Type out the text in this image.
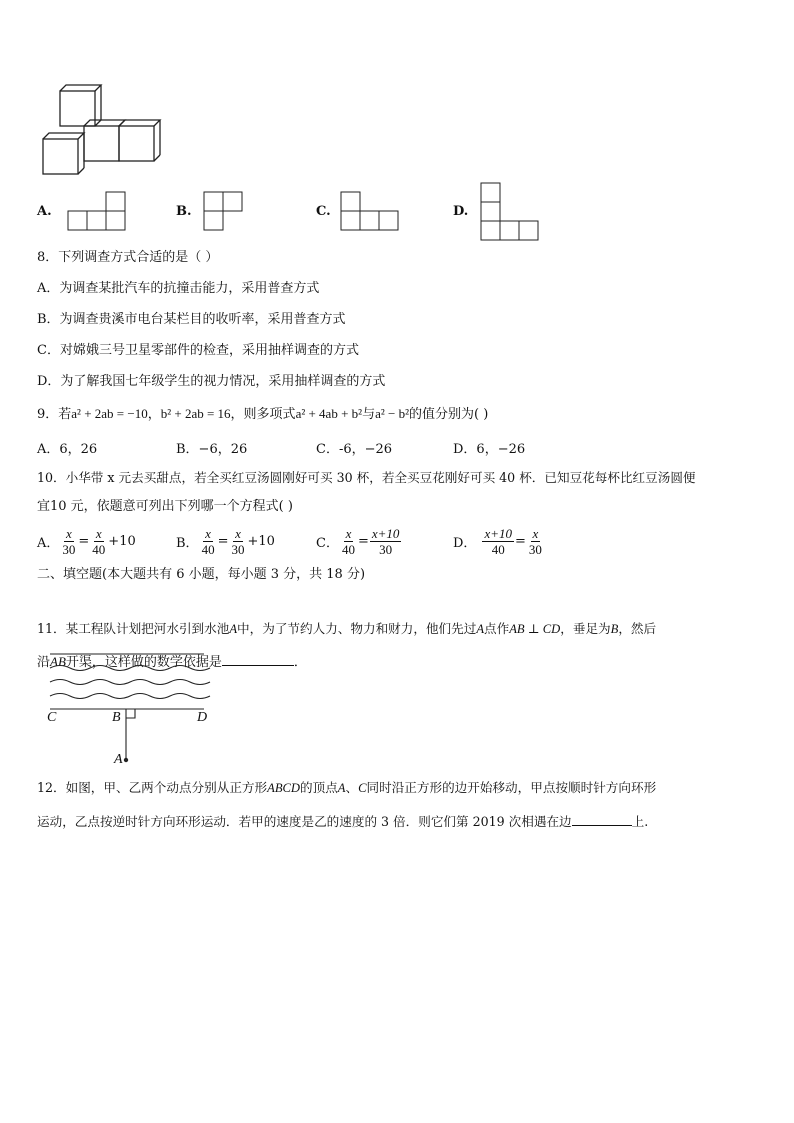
A.	B.	C.	D.
8．下列调查方式合适的是（ ）
A．为调查某批汽车的抗撞击能力，采用普查方式
B．为调查贵溪市电台某栏目的收听率，采用普查方式
C．对嫦娥三号卫星零部件的检查，采用抽样调查的方式
D．为了解我国七年级学生的视力情况，采用抽样调查的方式
9．若a² + 2ab = −10，b² + 2ab = 16，则多项式a² + 4ab + b²与a² − b²的值分别为( )
A．6，26	B．−6，26	C．-6，−26	D．6，−26
10．小华带 x 元去买甜点，若全买红豆汤圆刚好可买 30 杯，若全买豆花刚好可买 40 杯．已知豆花每杯比红豆汤圆便
宜10 元，依题意可列出下列哪一个方程式( )
A． $\frac{x}{30} = \frac{x}{40} +10$	B． $\frac{x}{40} = \frac{x}{30} +10$	C． $\frac{x}{40} = \frac{x+10}{30}$	D． $\frac{x+10}{40} = \frac{x}{30}$
二、填空题(本大题共有 6 小题，每小题 3 分，共 18 分)
11．某工程队计划把河水引到水池A中，为了节约人力、物力和财力，他们先过A点作AB ⊥ CD，垂足为B，然后
沿AB开渠，这样做的数学依据是	．
C	B	D
A
12．如图，甲、乙两个动点分别从正方形ABCD的顶点A、C同时沿正方形的边开始移动，甲点按顺时针方向环形
运动，乙点按逆时针方向环形运动．若甲的速度是乙的速度的 3 倍．则它们第 2019 次相遇在边	上.
